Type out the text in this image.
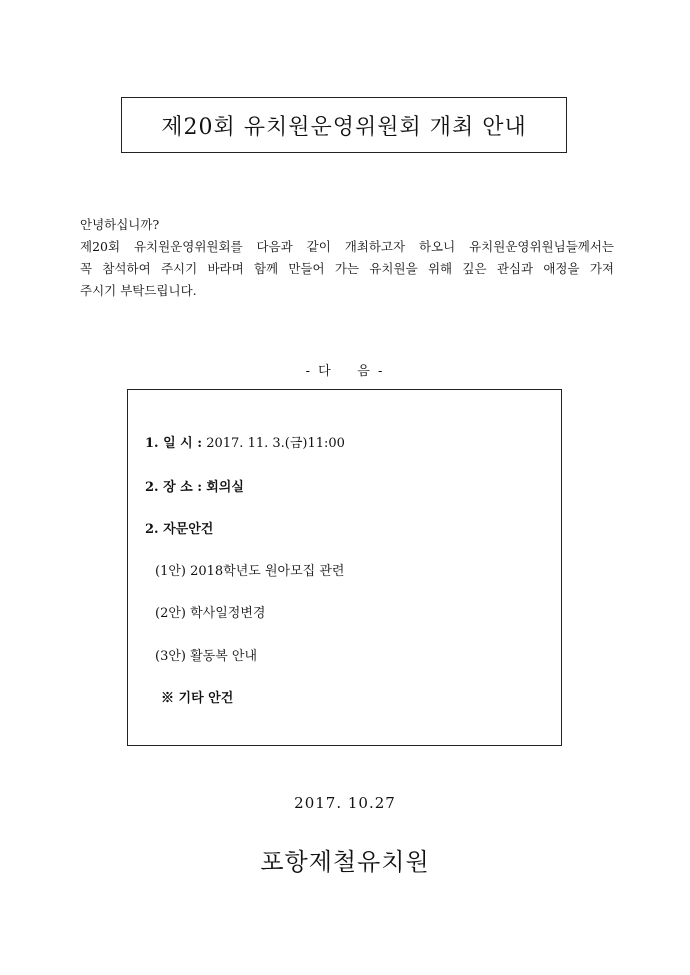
제20회 유치원운영위원회 개최 안내

안녕하십니까?

제20회 유치원운영위원회를 다음과 같이 개최하고자 하오니 유치원운영위원님들께서는

꼭 참석하여 주시기 바라며 함께 만들어 가는 유치원을 위해 깊은 관심과 애정을 가져

주시기 부탁드립니다.

- 다    음 -
1. 일 시 : 2017. 11. 3.(금)11:00
2. 장 소 : 회의실
2. 자문안건
(1안) 2018학년도 원아모집 관련
(2안) 학사일정변경
(3안) 활동복 안내
※ 기타 안건
2017. 10.27
포항제철유치원
